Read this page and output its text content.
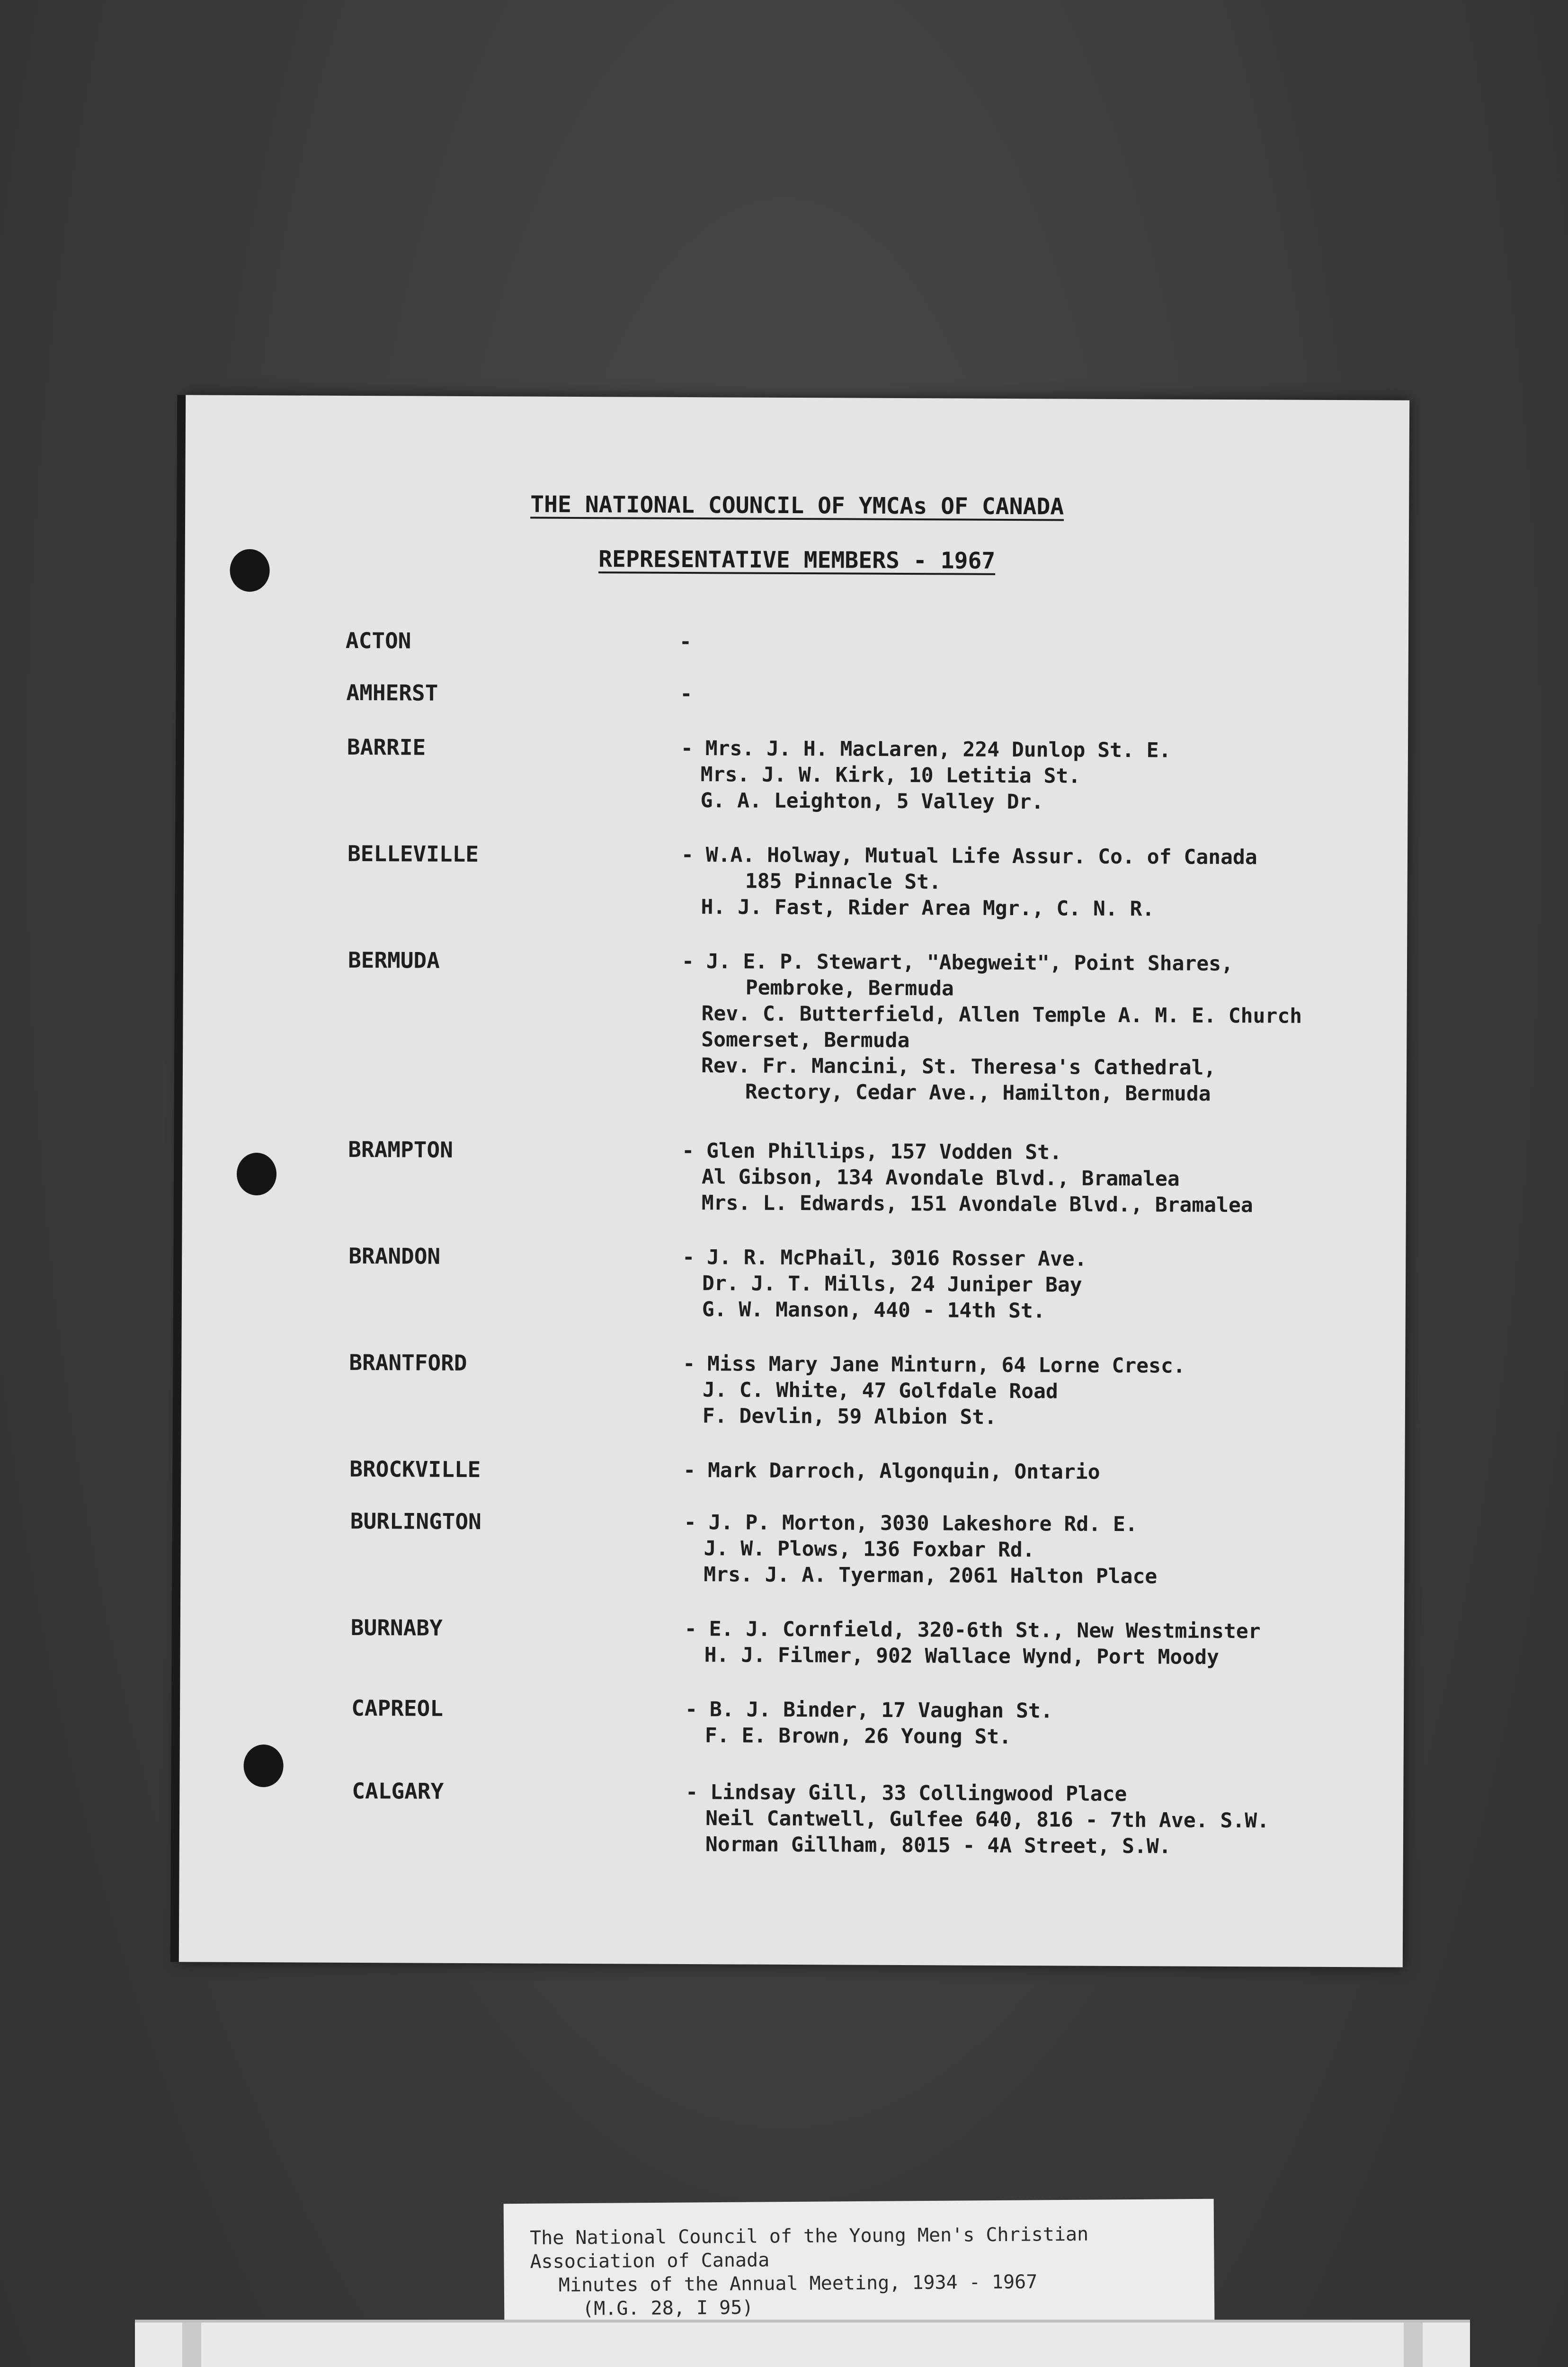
THE NATIONAL COUNCIL OF YMCAs OF CANADA
REPRESENTATIVE MEMBERS - 1967
ACTON	-
AMHERST	-
BARRIE	- Mrs. J. H. MacLaren, 224 Dunlop St. E.
Mrs. J. W. Kirk, 10 Letitia St.
G. A. Leighton, 5 Valley Dr.
BELLEVILLE	- W.A. Holway, Mutual Life Assur. Co. of Canada
185 Pinnacle St.
H. J. Fast, Rider Area Mgr., C. N. R.
BERMUDA	- J. E. P. Stewart, "Abegweit", Point Shares,
Pembroke, Bermuda
Rev. C. Butterfield, Allen Temple A. M. E. Church
Somerset, Bermuda
Rev. Fr. Mancini, St. Theresa's Cathedral,
Rectory, Cedar Ave., Hamilton, Bermuda
BRAMPTON	- Glen Phillips, 157 Vodden St.
Al Gibson, 134 Avondale Blvd., Bramalea
Mrs. L. Edwards, 151 Avondale Blvd., Bramalea
BRANDON	- J. R. McPhail, 3016 Rosser Ave.
Dr. J. T. Mills, 24 Juniper Bay
G. W. Manson, 440 - 14th St.
BRANTFORD	- Miss Mary Jane Minturn, 64 Lorne Cresc.
J. C. White, 47 Golfdale Road
F. Devlin, 59 Albion St.
BROCKVILLE	- Mark Darroch, Algonquin, Ontario
BURLINGTON	- J. P. Morton, 3030 Lakeshore Rd. E.
J. W. Plows, 136 Foxbar Rd.
Mrs. J. A. Tyerman, 2061 Halton Place
BURNABY	- E. J. Cornfield, 320-6th St., New Westminster
H. J. Filmer, 902 Wallace Wynd, Port Moody
CAPREOL	- B. J. Binder, 17 Vaughan St.
F. E. Brown, 26 Young St.
CALGARY	- Lindsay Gill, 33 Collingwood Place
Neil Cantwell, Gulfee 640, 816 - 7th Ave. S.W.
Norman Gillham, 8015 - 4A Street, S.W.
The National Council of the Young Men's Christian
Association of Canada
Minutes of the Annual Meeting, 1934 - 1967
(M.G. 28, I 95)
